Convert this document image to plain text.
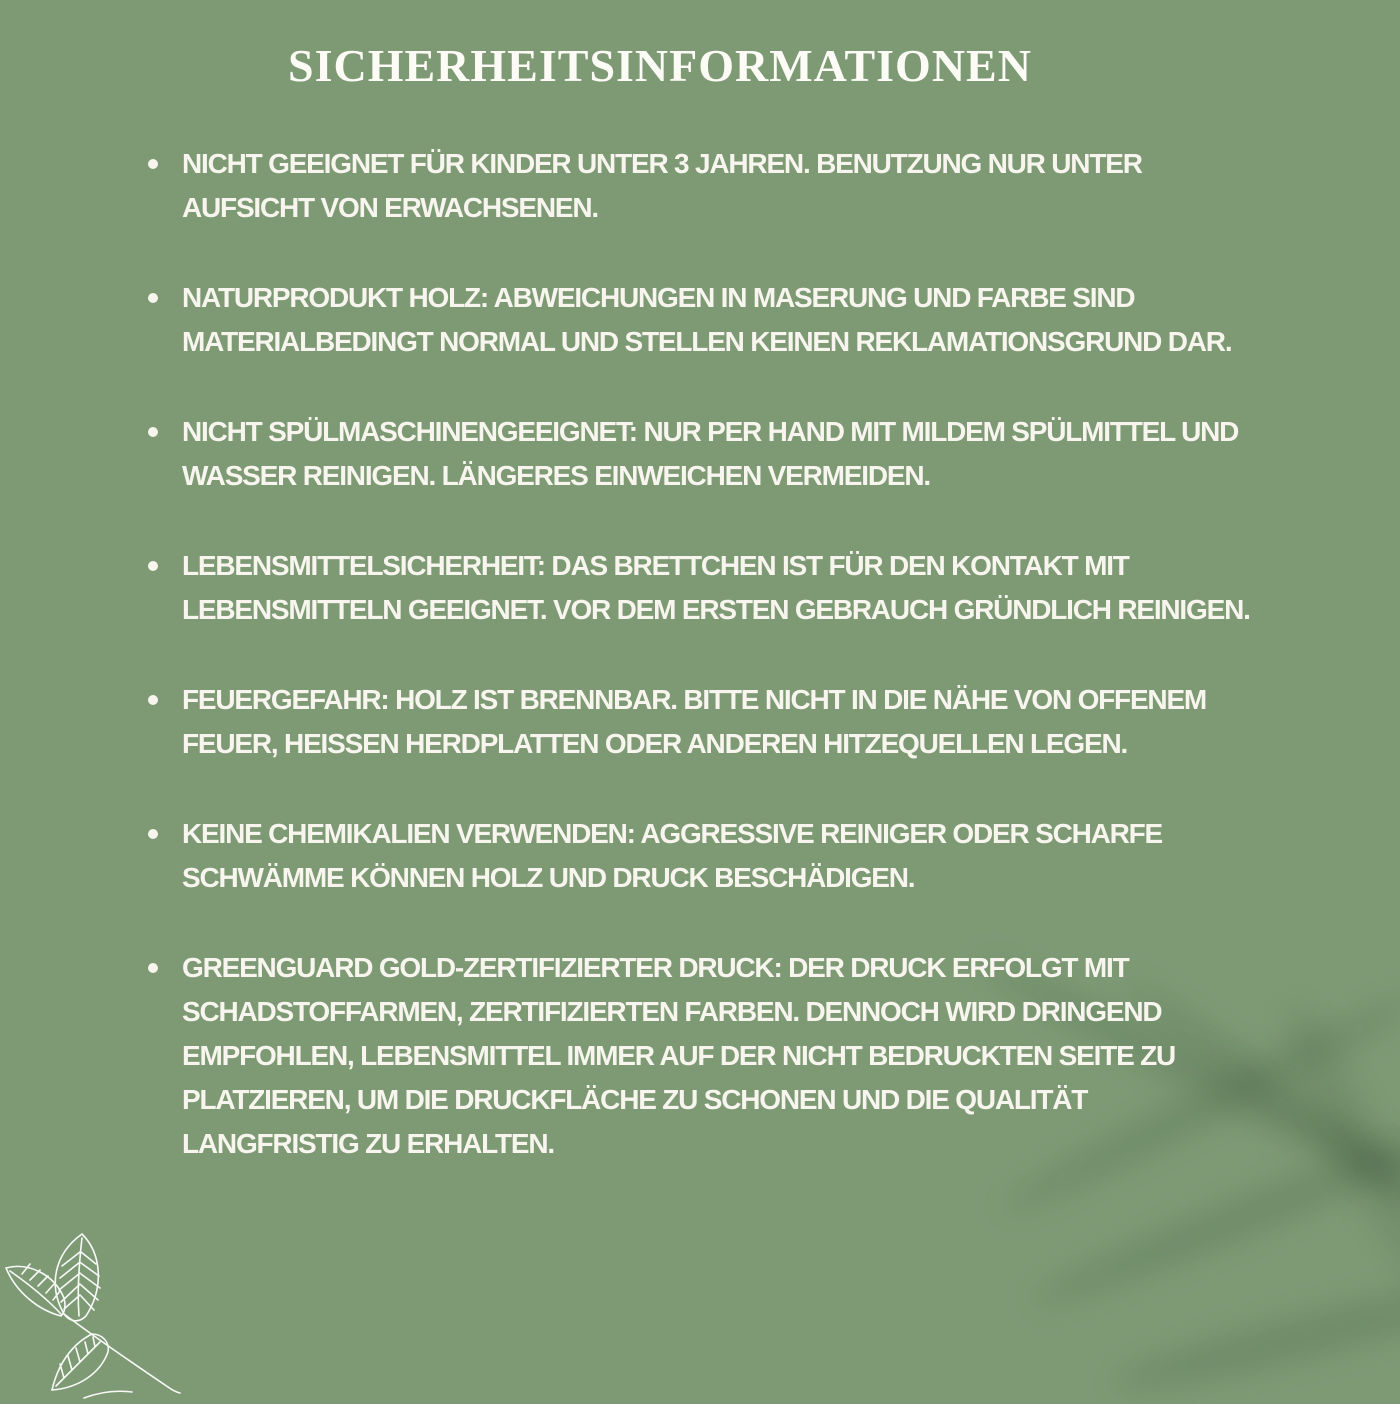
SICHERHEITSINFORMATIONEN
NICHT GEEIGNET FÜR KINDER UNTER 3 JAHREN. BENUTZUNG NUR UNTER AUFSICHT VON ERWACHSENEN.
NATURPRODUKT HOLZ: ABWEICHUNGEN IN MASERUNG UND FARBE SIND MATERIALBEDINGT NORMAL UND STELLEN KEINEN REKLAMATIONSGRUND DAR.
NICHT SPÜLMASCHINENGEEIGNET: NUR PER HAND MIT MILDEM SPÜLMITTEL UND WASSER REINIGEN. LÄNGERES EINWEICHEN VERMEIDEN.
LEBENSMITTELSICHERHEIT: DAS BRETTCHEN IST FÜR DEN KONTAKT MIT LEBENSMITTELN GEEIGNET. VOR DEM ERSTEN GEBRAUCH GRÜNDLICH REINIGEN.
FEUERGEFAHR: HOLZ IST BRENNBAR. BITTE NICHT IN DIE NÄHE VON OFFENEM FEUER, HEISSEN HERDPLATTEN ODER ANDEREN HITZEQUELLEN LEGEN.
KEINE CHEMIKALIEN VERWENDEN: AGGRESSIVE REINIGER ODER SCHARFE SCHWÄMME KÖNNEN HOLZ UND DRUCK BESCHÄDIGEN.
GREENGUARD GOLD-ZERTIFIZIERTER DRUCK: DER DRUCK ERFOLGT MIT SCHADSTOFFARMEN, ZERTIFIZIERTEN FARBEN. DENNOCH WIRD DRINGEND EMPFOHLEN, LEBENSMITTEL IMMER AUF DER NICHT BEDRUCKTEN SEITE ZU PLATZIEREN, UM DIE DRUCKFLÄCHE ZU SCHONEN UND DIE QUALITÄT LANGFRISTIG ZU ERHALTEN.
